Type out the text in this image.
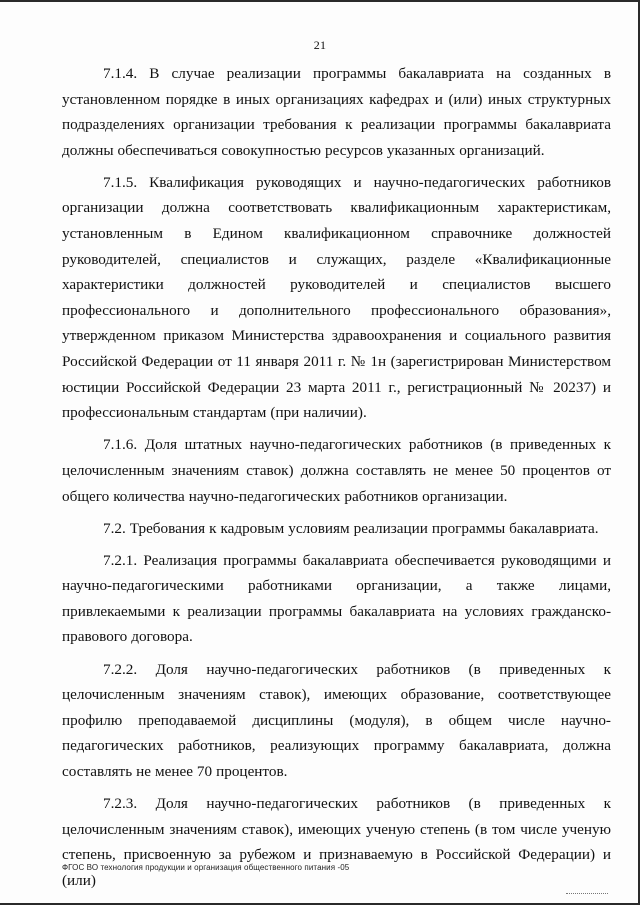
21

7.1.4. В случае реализации программы бакалавриата на созданных в установленном порядке в иных организациях кафедрах и (или) иных структурных подразделениях организации требования к реализации программы бакалавриата должны обеспечиваться совокупностью ресурсов указанных организаций.

7.1.5. Квалификация руководящих и научно-педагогических работников организации должна соответствовать квалификационным характеристикам, установленным в Едином квалификационном справочнике должностей руководителей, специалистов и служащих, разделе «Квалификационные характеристики должностей руководителей и специалистов высшего профессионального и дополнительного профессионального образования», утвержденном приказом Министерства здравоохранения и социального развития Российской Федерации от 11 января 2011 г. № 1н (зарегистрирован Министерством юстиции Российской Федерации 23 марта 2011 г., регистрационный № 20237) и профессиональным стандартам (при наличии).

7.1.6. Доля штатных научно-педагогических работников (в приведенных к целочисленным значениям ставок) должна составлять не менее 50 процентов от общего количества научно-педагогических работников организации.

7.2. Требования к кадровым условиям реализации программы бакалавриата.

7.2.1. Реализация программы бакалавриата обеспечивается руководящими и научно-педагогическими работниками организации, а также лицами, привлекаемыми к реализации программы бакалавриата на условиях гражданско-правового договора.

7.2.2. Доля научно-педагогических работников (в приведенных к целочисленным значениям ставок), имеющих образование, соответствующее профилю преподаваемой дисциплины (модуля), в общем числе научно-педагогических работников, реализующих программу бакалавриата, должна составлять не менее 70 процентов.

7.2.3. Доля научно-педагогических работников (в приведенных к целочисленным значениям ставок), имеющих ученую степень (в том числе ученую степень, присвоенную за рубежом и признаваемую в Российской Федерации) и (или)

ФГОС ВО технология продукции и организация общественного питания -05
